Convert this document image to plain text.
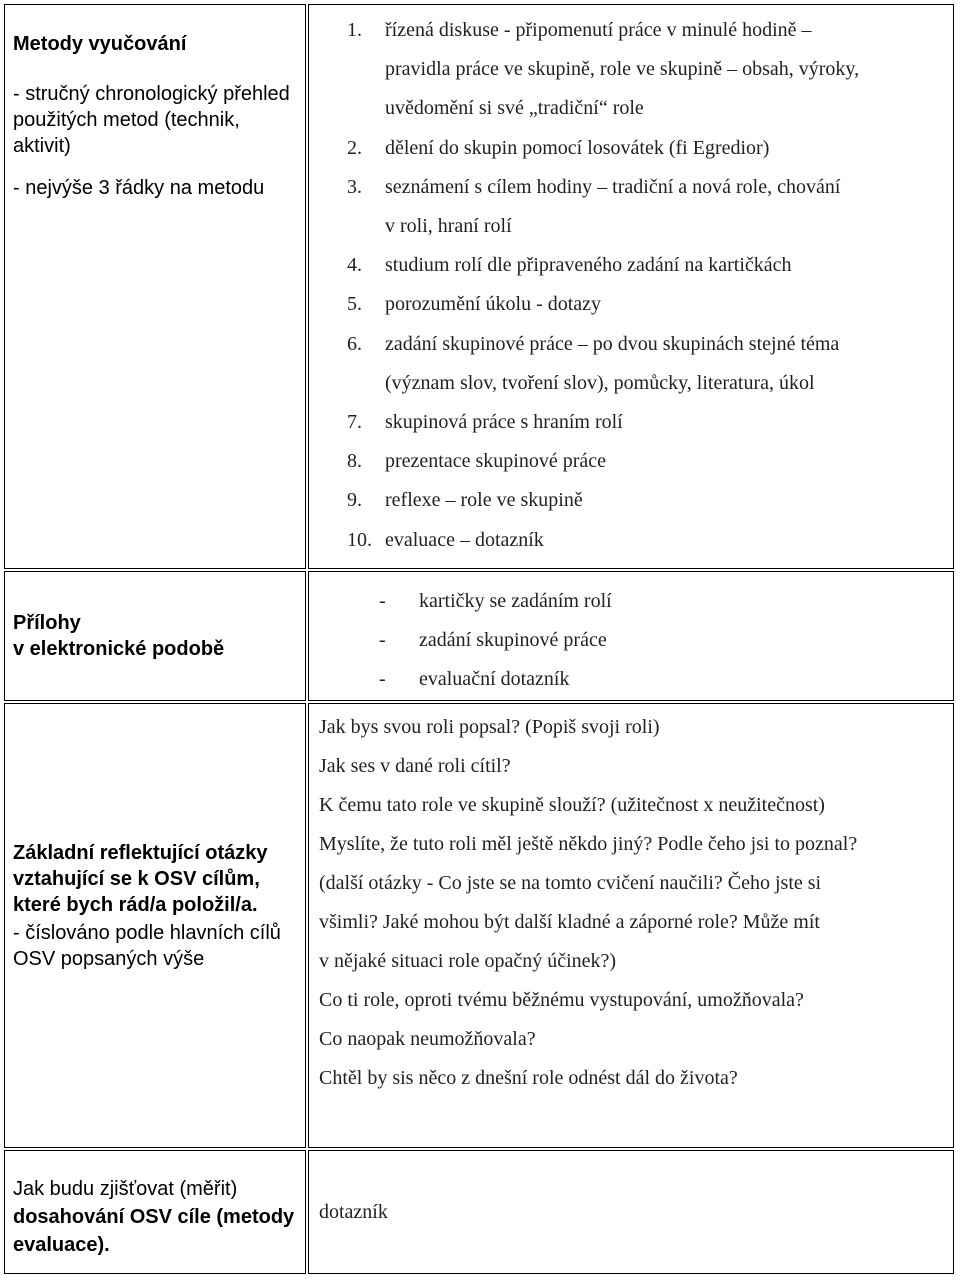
Metody vyučování
- stručný chronologický přehled použitých metod (technik, aktivit)
- nejvýše 3 řádky na metodu
1. řízená diskuse - připomenutí práce v minulé hodině –
pravidla práce ve skupině, role ve skupině – obsah, výroky,
uvědomění si své „tradiční“ role
2. dělení do skupin pomocí losovátek (fi Egredior)
3. seznámení s cílem hodiny – tradiční a nová role, chování
v roli, hraní rolí
4. studium rolí dle připraveného zadání na kartičkách
5. porozumění úkolu - dotazy
6. zadání skupinové práce – po dvou skupinách stejné téma
(význam slov, tvoření slov), pomůcky, literatura, úkol
7. skupinová práce s hraním rolí
8. prezentace skupinové práce
9. reflexe – role ve skupině
10. evaluace – dotazník
Přílohy
v elektronické podobě
- kartičky se zadáním rolí
- zadání skupinové práce
- evaluační dotazník
Základní reflektující otázky vztahující se k OSV cílům, které bych rád/a položil/a.
- číslováno podle hlavních cílů OSV popsaných výše
Jak bys svou roli popsal? (Popiš svoji roli)
Jak ses v dané roli cítil?
K čemu tato role ve skupině slouží? (užitečnost x neužitečnost)
Myslíte, že tuto roli měl ještě někdo jiný? Podle čeho jsi to poznal?
(další otázky - Co jste se na tomto cvičení naučili? Čeho jste si
všimli? Jaké mohou být další kladné a záporné role? Může mít
v nějaké situaci role opačný účinek?)
Co ti role, oproti tvému běžnému vystupování, umožňovala?
Co naopak neumožňovala?
Chtěl by sis něco z dnešní role odnést dál do života?
Jak budu zjišťovat (měřit)
dosahování OSV cíle (metody evaluace).
dotazník
